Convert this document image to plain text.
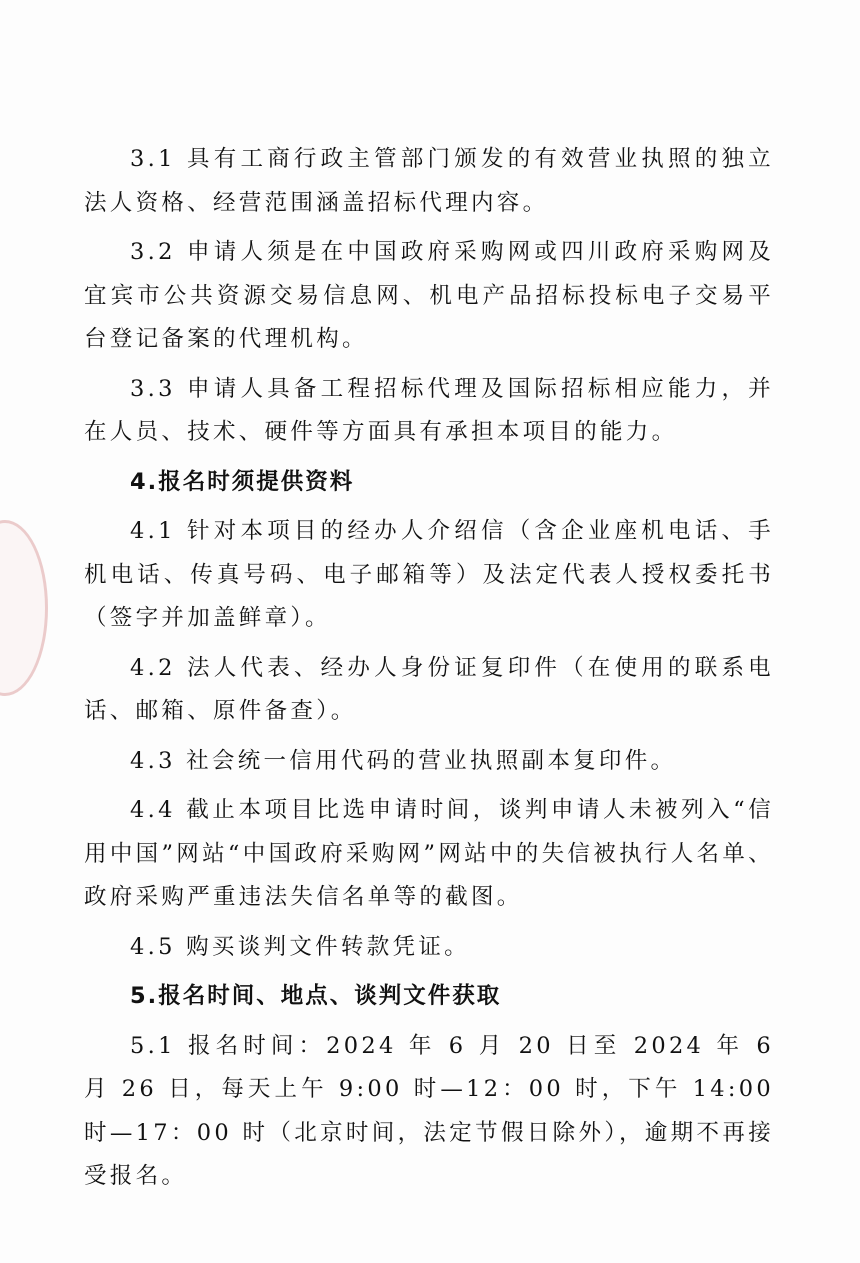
3.1 具有工商行政主管部门颁发的有效营业执照的独立法人资格、经营范围涵盖招标代理内容。

3.2 申请人须是在中国政府采购网或四川政府采购网及宜宾市公共资源交易信息网、机电产品招标投标电子交易平台登记备案的代理机构。

3.3 申请人具备工程招标代理及国际招标相应能力，并在人员、技术、硬件等方面具有承担本项目的能力。

4.报名时须提供资料

4.1 针对本项目的经办人介绍信（含企业座机电话、手机电话、传真号码、电子邮箱等）及法定代表人授权委托书（签字并加盖鲜章）。

4.2 法人代表、经办人身份证复印件（在使用的联系电话、邮箱、原件备查）。

4.3 社会统一信用代码的营业执照副本复印件。

4.4 截止本项目比选申请时间，谈判申请人未被列入“信用中国”网站“中国政府采购网”网站中的失信被执行人名单、政府采购严重违法失信名单等的截图。

4.5 购买谈判文件转款凭证。

5.报名时间、地点、谈判文件获取

5.1 报名时间：2024 年 6 月 20 日至 2024 年 6 月 26 日，每天上午 9:00 时—12：00 时，下午 14:00 时—17：00 时（北京时间，法定节假日除外），逾期不再接受报名。
